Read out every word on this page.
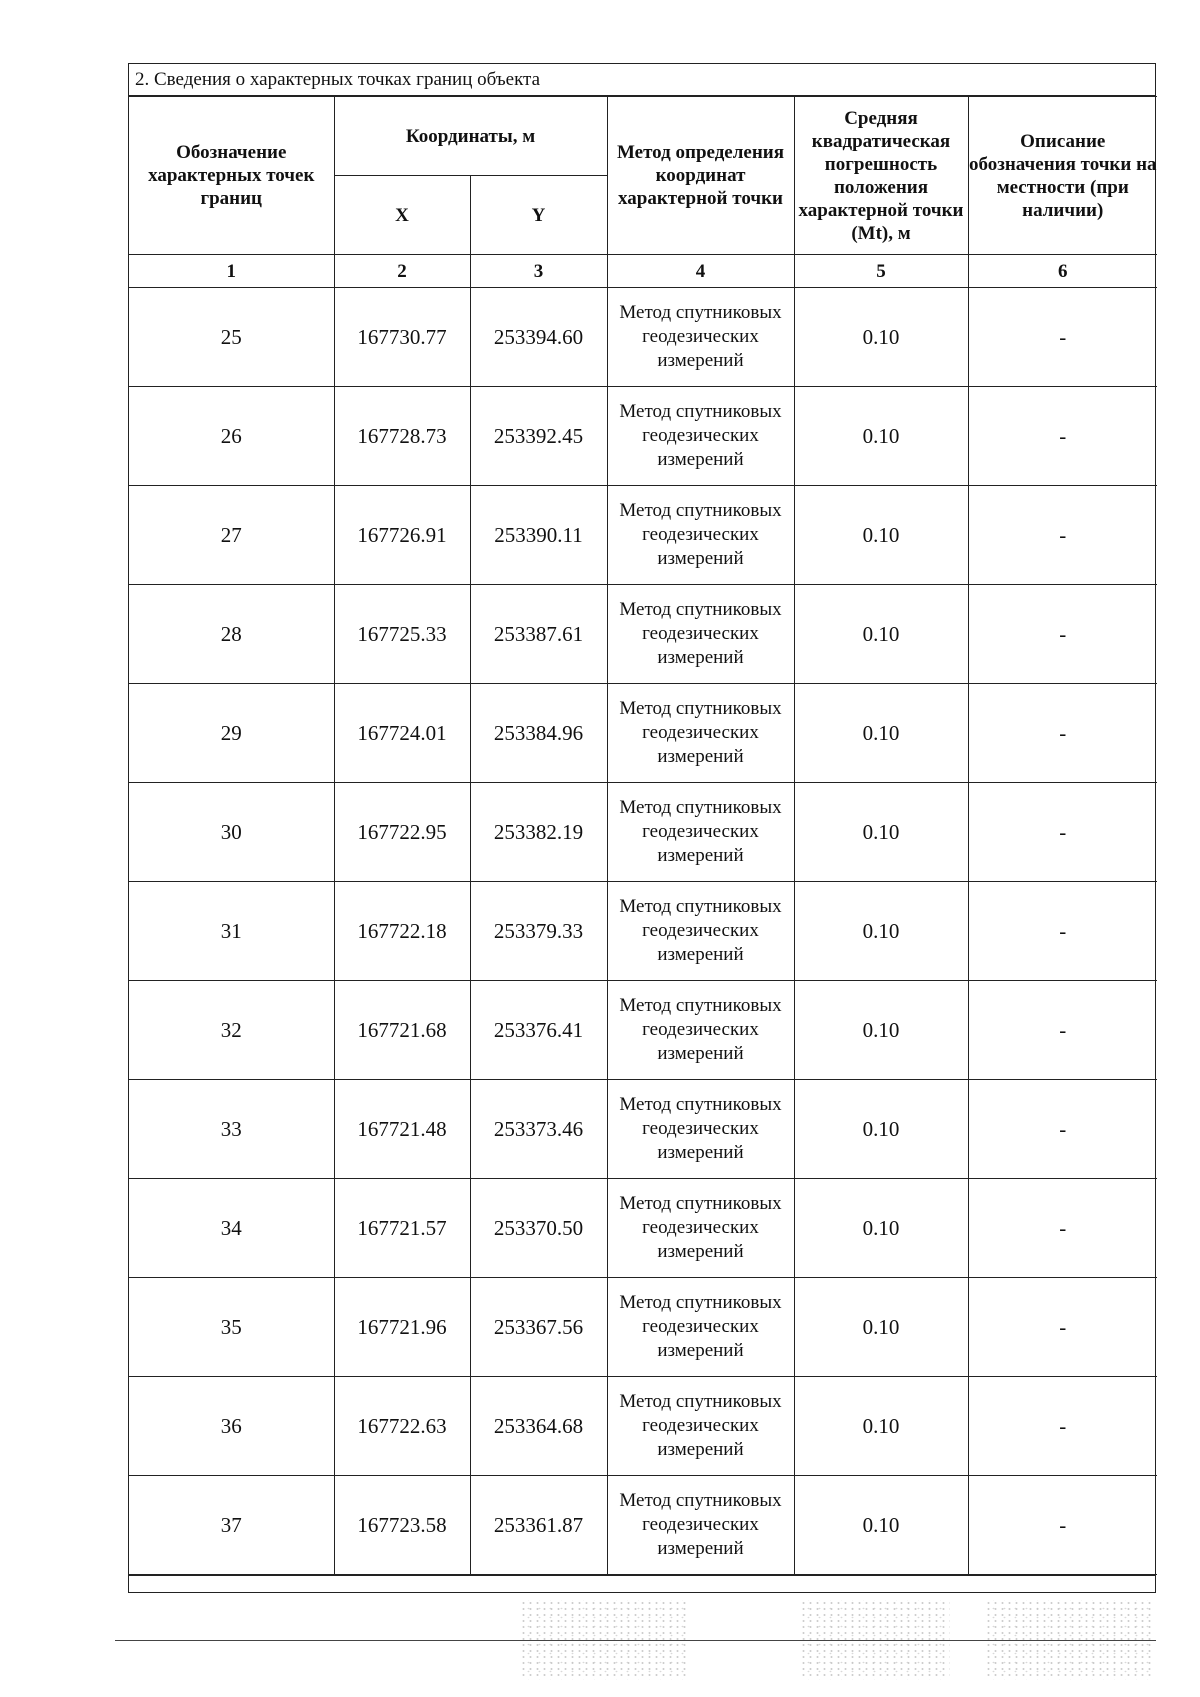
2. Сведения о характерных точках границ объекта
Обозначение характерных точек границ	Координаты, м		Метод определения координат характерной точки	Средняя квадратическая погрешность положения характерной точки (Mt), м	Описание обозначения точки на местности (при наличии)
	X	Y			
1	2	3	4	5	6
25	167730.77	253394.60	Метод спутниковых геодезических измерений	0.10	-
26	167728.73	253392.45	Метод спутниковых геодезических измерений	0.10	-
27	167726.91	253390.11	Метод спутниковых геодезических измерений	0.10	-
28	167725.33	253387.61	Метод спутниковых геодезических измерений	0.10	-
29	167724.01	253384.96	Метод спутниковых геодезических измерений	0.10	-
30	167722.95	253382.19	Метод спутниковых геодезических измерений	0.10	-
31	167722.18	253379.33	Метод спутниковых геодезических измерений	0.10	-
32	167721.68	253376.41	Метод спутниковых геодезических измерений	0.10	-
33	167721.48	253373.46	Метод спутниковых геодезических измерений	0.10	-
34	167721.57	253370.50	Метод спутниковых геодезических измерений	0.10	-
35	167721.96	253367.56	Метод спутниковых геодезических измерений	0.10	-
36	167722.63	253364.68	Метод спутниковых геодезических измерений	0.10	-
37	167723.58	253361.87	Метод спутниковых геодезических измерений	0.10	-
